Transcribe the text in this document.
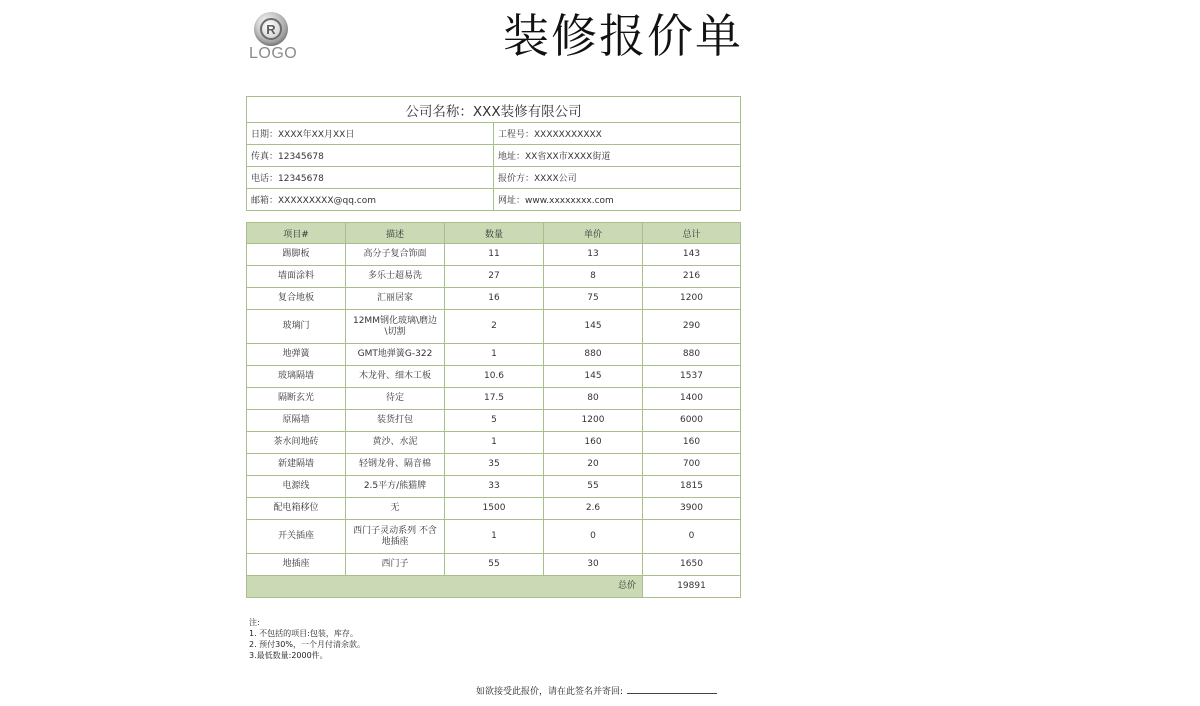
R
LOGO	装修报价单
公司名称：XXX装修有限公司	
日期：XXXX年XX月XX日	工程号：XXXXXXXXXXX
传真：12345678	地址：XX省XX市XXXX街道
电话：12345678	报价方：XXXX公司
邮箱：XXXXXXXXX@qq.com	网址：www.xxxxxxxx.com
项目#	描述	数量	单价	总计
踢脚板	高分子复合饰面	11	13	143
墙面涂料	多乐士超易洗	27	8	216
复合地板	汇丽居家	16	75	1200
玻璃门	12MM钢化玻璃\磨边\切割	2	145	290
地弹簧	GMT地弹簧G-322	1	880	880
玻璃隔墙	木龙骨、细木工板	10.6	145	1537
隔断玄光	待定	17.5	80	1400
原隔墙	装货打包	5	1200	6000
茶水间地砖	黄沙、水泥	1	160	160
新建隔墙	轻钢龙骨、隔音棉	35	20	700
电源线	2.5平方/熊猫牌	33	55	1815
配电箱移位	无	1500	2.6	3900
开关插座	西门子灵动系列 不含地插座	1	0	0
地插座	西门子	55	30	1650
总价				19891
注:
1. 不包括的项目:包装，库存。
2. 预付30%，一个月付清余款。
3.最低数量:2000件。
如欲接受此报价，请在此签名并寄回:
